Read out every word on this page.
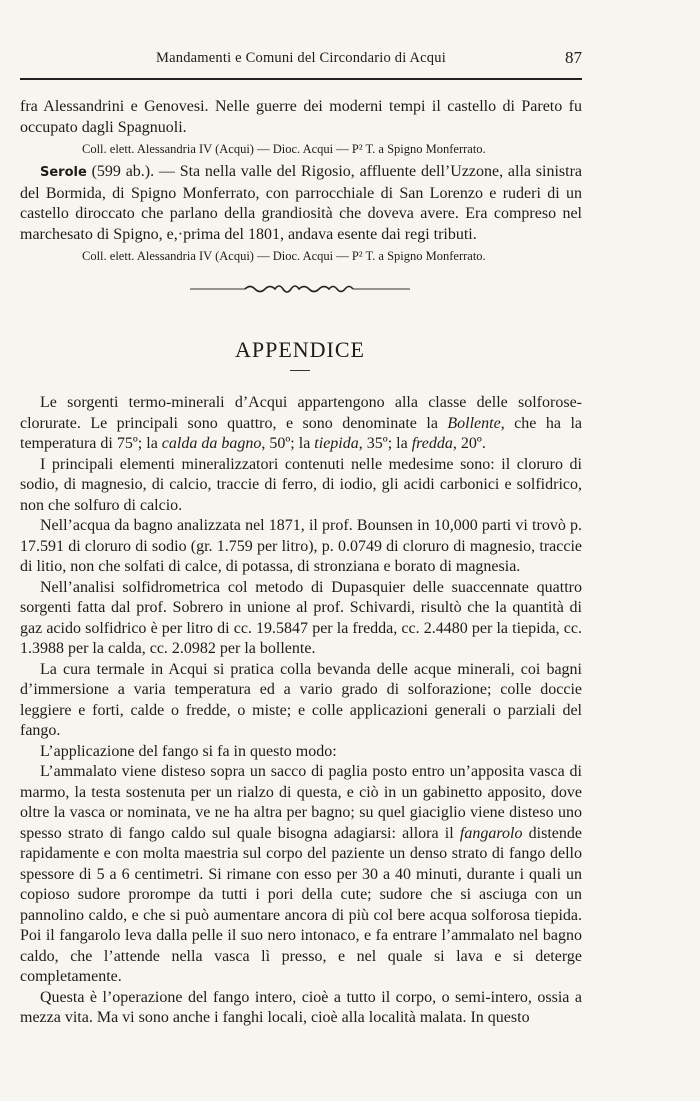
Mandamenti e Comuni del Circondario di Acqui	87

fra Alessandrini e Genovesi. Nelle guerre dei moderni tempi il castello di Pareto fu occupato dagli Spagnuoli.

Coll. elett. Alessandria IV (Acqui) — Dioc. Acqui — P² T. a Spigno Monferrato.

Serole (599 ab.). — Sta nella valle del Rigosio, affluente dell’Uzzone, alla sinistra del Bormida, di Spigno Monferrato, con parrocchiale di San Lorenzo e ruderi di un castello diroccato che parlano della grandiosità che doveva avere. Era compreso nel marchesato di Spigno, e,·prima del 1801, andava esente dai regi tributi.

Coll. elett. Alessandria IV (Acqui) — Dioc. Acqui — P² T. a Spigno Monferrato.

APPENDICE

Le sorgenti termo-minerali d’Acqui appartengono alla classe delle solforose-clorurate. Le principali sono quattro, e sono denominate la Bollente, che ha la temperatura di 75º; la calda da bagno, 50º; la tiepida, 35º; la fredda, 20º.

I principali elementi mineralizzatori contenuti nelle medesime sono: il cloruro di sodio, di magnesio, di calcio, traccie di ferro, di iodio, gli acidi carbonici e solfidrico, non che solfuro di calcio.

Nell’acqua da bagno analizzata nel 1871, il prof. Bounsen in 10,000 parti vi trovò p. 17.591 di cloruro di sodio (gr. 1.759 per litro), p. 0.0749 di cloruro di magnesio, traccie di litio, non che solfati di calce, di potassa, di stronziana e borato di magnesia.

Nell’analisi solfidrometrica col metodo di Dupasquier delle suaccennate quattro sorgenti fatta dal prof. Sobrero in unione al prof. Schivardi, risultò che la quantità di gaz acido solfidrico è per litro di cc. 19.5847 per la fredda, cc. 2.4480 per la tiepida, cc. 1.3988 per la calda, cc. 2.0982 per la bollente.

La cura termale in Acqui si pratica colla bevanda delle acque minerali, coi bagni d’immersione a varia temperatura ed a vario grado di solforazione; colle doccie leggiere e forti, calde o fredde, o miste; e colle applicazioni generali o parziali del fango.

L’applicazione del fango si fa in questo modo:

L’ammalato viene disteso sopra un sacco di paglia posto entro un’apposita vasca di marmo, la testa sostenuta per un rialzo di questa, e ciò in un gabinetto apposito, dove oltre la vasca or nominata, ve ne ha altra per bagno; su quel giaciglio viene disteso uno spesso strato di fango caldo sul quale bisogna adagiarsi: allora il fangarolo distende rapidamente e con molta maestria sul corpo del paziente un denso strato di fango dello spessore di 5 a 6 centimetri. Si rimane con esso per 30 a 40 minuti, durante i quali un copioso sudore prorompe da tutti i pori della cute; sudore che si asciuga con un pannolino caldo, e che si può aumentare ancora di più col bere acqua solforosa tiepida. Poi il fangarolo leva dalla pelle il suo nero intonaco, e fa entrare l’ammalato nel bagno caldo, che l’attende nella vasca lì presso, e nel quale si lava e si deterge completamente.

Questa è l’operazione del fango intero, cioè a tutto il corpo, o semi-intero, ossia a mezza vita. Ma vi sono anche i fanghi locali, cioè alla località malata. In questo
